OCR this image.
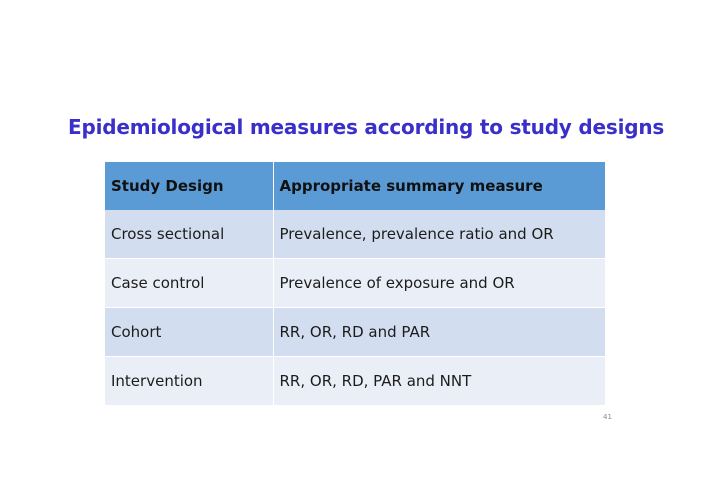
Epidemiological measures according to study designs
Study Design	Appropriate summary measure
Cross sectional	Prevalence, prevalence ratio and OR
Case control	Prevalence of exposure and OR
Cohort	RR, OR, RD and PAR
Intervention	RR, OR, RD, PAR and NNT
41
